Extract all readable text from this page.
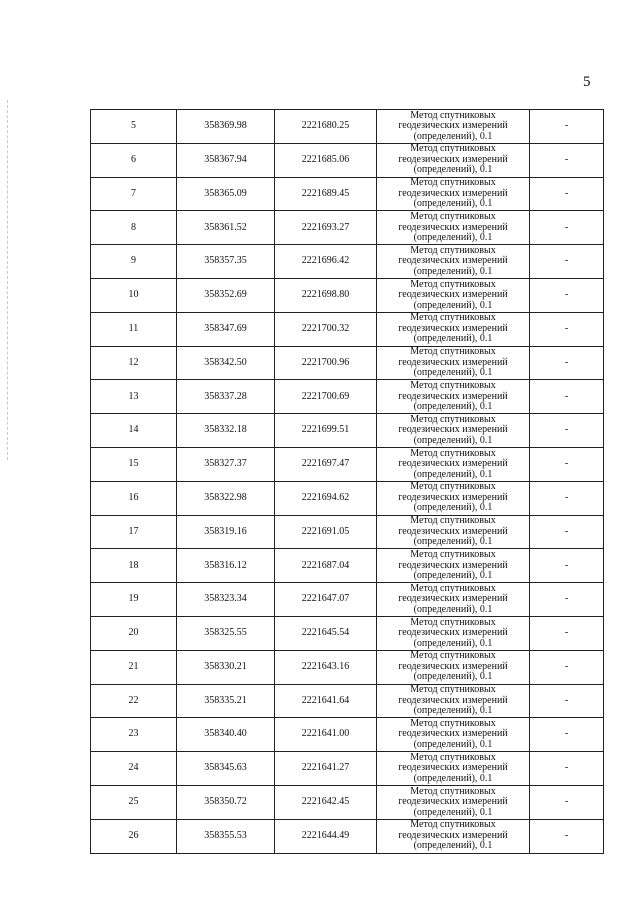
5
5	358369.98	2221680.25	Метод спутниковых
геодезических измерений
(определений), 0.1	-
6	358367.94	2221685.06	Метод спутниковых
геодезических измерений
(определений), 0.1	-
7	358365.09	2221689.45	Метод спутниковых
геодезических измерений
(определений), 0.1	-
8	358361.52	2221693.27	Метод спутниковых
геодезических измерений
(определений), 0.1	-
9	358357.35	2221696.42	Метод спутниковых
геодезических измерений
(определений), 0.1	-
10	358352.69	2221698.80	Метод спутниковых
геодезических измерений
(определений), 0.1	-
11	358347.69	2221700.32	Метод спутниковых
геодезических измерений
(определений), 0.1	-
12	358342.50	2221700.96	Метод спутниковых
геодезических измерений
(определений), 0.1	-
13	358337.28	2221700.69	Метод спутниковых
геодезических измерений
(определений), 0.1	-
14	358332.18	2221699.51	Метод спутниковых
геодезических измерений
(определений), 0.1	-
15	358327.37	2221697.47	Метод спутниковых
геодезических измерений
(определений), 0.1	-
16	358322.98	2221694.62	Метод спутниковых
геодезических измерений
(определений), 0.1	-
17	358319.16	2221691.05	Метод спутниковых
геодезических измерений
(определений), 0.1	-
18	358316.12	2221687.04	Метод спутниковых
геодезических измерений
(определений), 0.1	-
19	358323.34	2221647.07	Метод спутниковых
геодезических измерений
(определений), 0.1	-
20	358325.55	2221645.54	Метод спутниковых
геодезических измерений
(определений), 0.1	-
21	358330.21	2221643.16	Метод спутниковых
геодезических измерений
(определений), 0.1	-
22	358335.21	2221641.64	Метод спутниковых
геодезических измерений
(определений), 0.1	-
23	358340.40	2221641.00	Метод спутниковых
геодезических измерений
(определений), 0.1	-
24	358345.63	2221641.27	Метод спутниковых
геодезических измерений
(определений), 0.1	-
25	358350.72	2221642.45	Метод спутниковых
геодезических измерений
(определений), 0.1	-
26	358355.53	2221644.49	Метод спутниковых
геодезических измерений
(определений), 0.1	-
